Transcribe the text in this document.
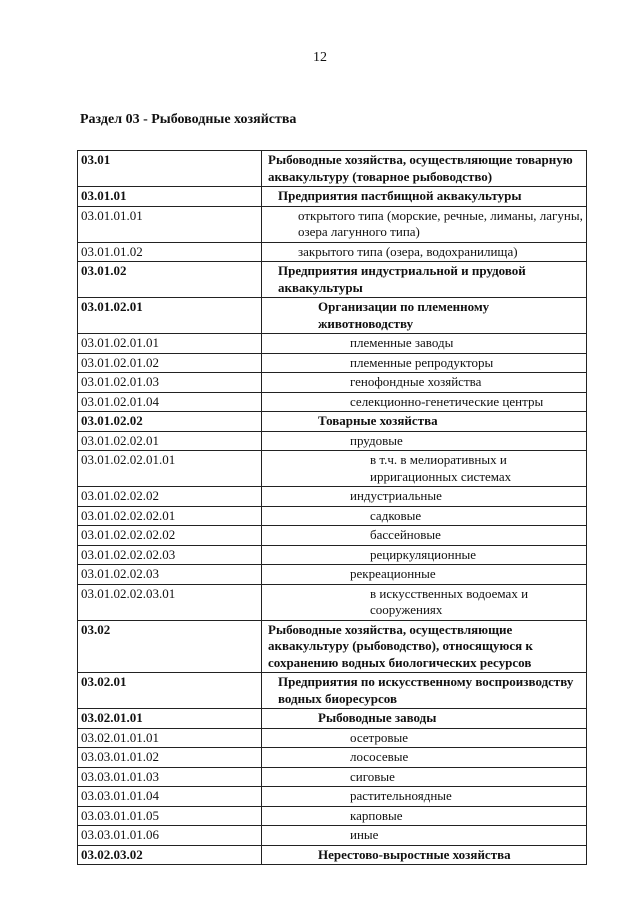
12
Раздел 03 - Рыбоводные хозяйства
03.01	Рыбоводные хозяйства, осуществляющие товарную аквакультуру (товарное рыбоводство)
03.01.01	Предприятия пастбищной аквакультуры
03.01.01.01	открытого типа (морские, речные, лиманы, лагуны, озера лагунного типа)
03.01.01.02	закрытого типа (озера, водохранилища)
03.01.02	Предприятия индустриальной и прудовой аквакультуры
03.01.02.01	Организации по племенному животноводству
03.01.02.01.01	племенные заводы
03.01.02.01.02	племенные репродукторы
03.01.02.01.03	генофондные хозяйства
03.01.02.01.04	селекционно-генетические центры
03.01.02.02	Товарные хозяйства
03.01.02.02.01	прудовые
03.01.02.02.01.01	в т.ч. в мелиоративных и ирригационных системах
03.01.02.02.02	индустриальные
03.01.02.02.02.01	садковые
03.01.02.02.02.02	бассейновые
03.01.02.02.02.03	рециркуляционные
03.01.02.02.03	рекреационные
03.01.02.02.03.01	в искусственных водоемах и сооружениях
03.02	Рыбоводные хозяйства, осуществляющие аквакультуру (рыбоводство), относящуюся к сохранению водных биологических ресурсов
03.02.01	Предприятия по искусственному воспроизводству водных биоресурсов
03.02.01.01	Рыбоводные заводы
03.02.01.01.01	осетровые
03.03.01.01.02	лососевые
03.03.01.01.03	сиговые
03.03.01.01.04	растительноядные
03.03.01.01.05	карповые
03.03.01.01.06	иные
03.02.03.02	Нерестово-выростные хозяйства
